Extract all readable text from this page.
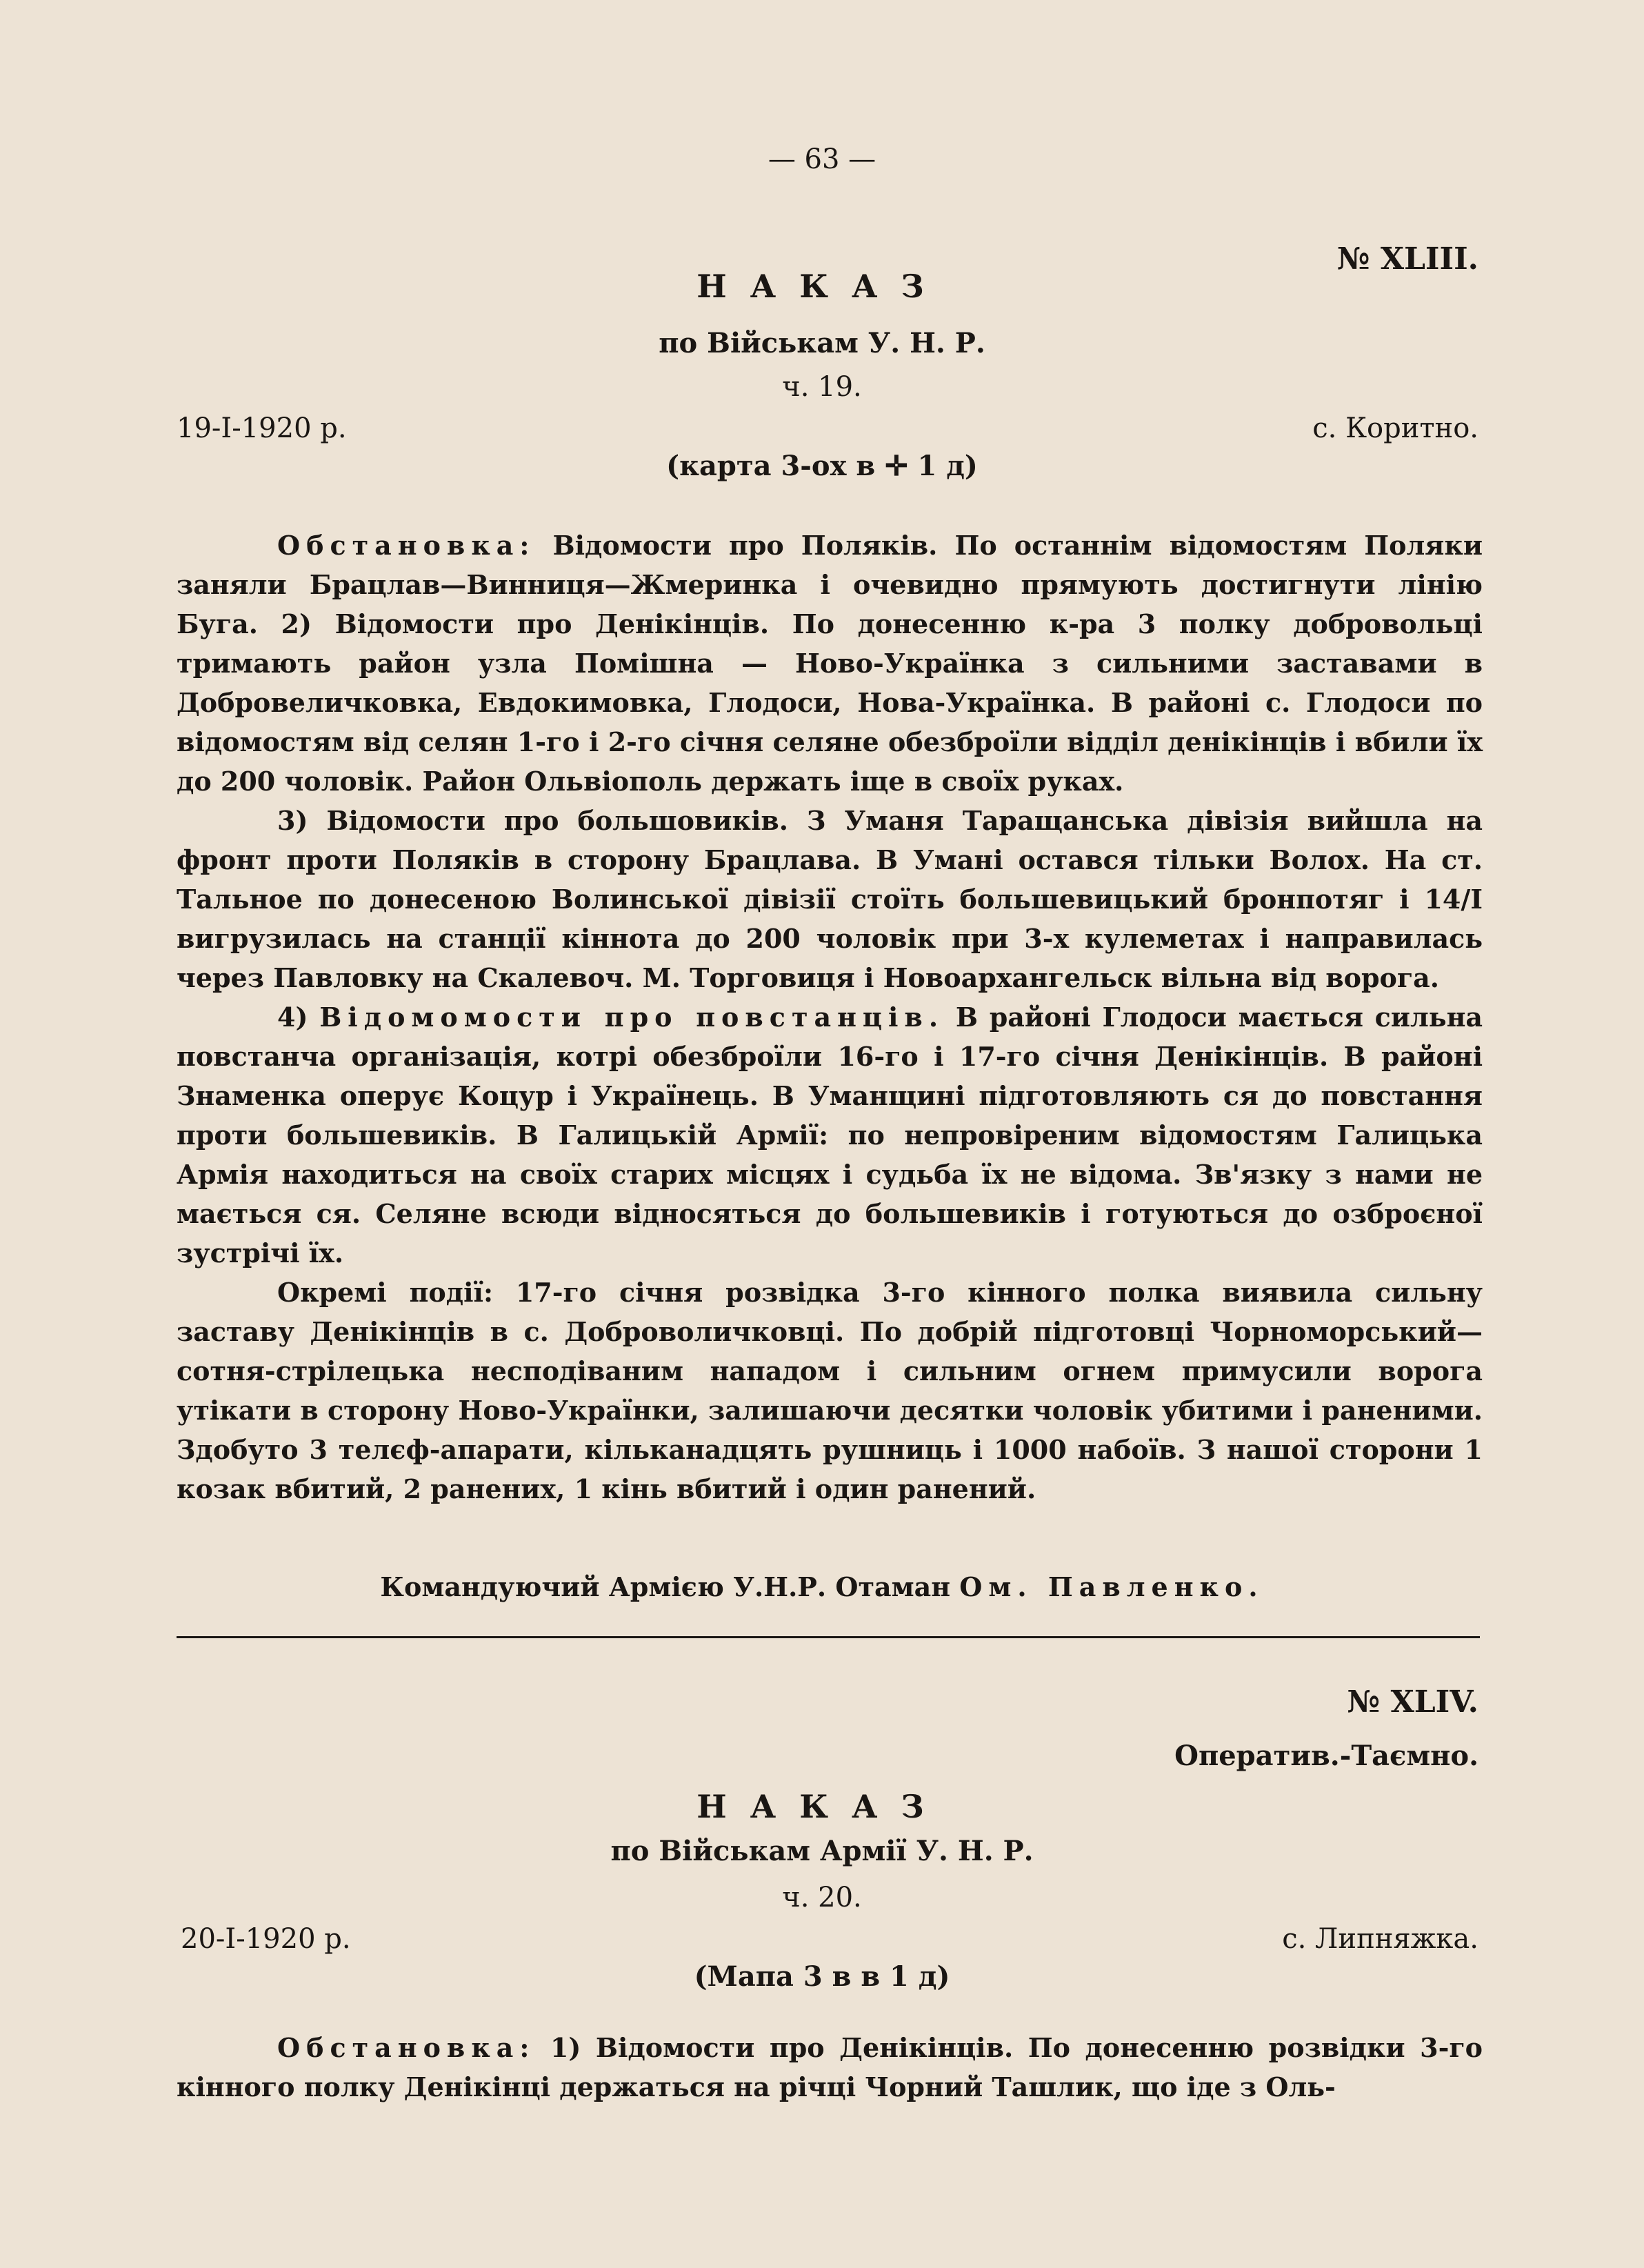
— 63 —
№ XLIII.
НАКАЗ
по Військам У. Н. Р.
ч. 19.
19-I-1920 р.	с. Коритно.
(карта 3-ох в ✛ 1 д)

Обстановка: Відомости про Поляків. По останнім відомостям Поляки заняли Брацлав—Винниця—Жмеринка і очевидно прямують достигнути лінію Буга. 2) Відомости про Денікінців. По донесенню к-ра 3 полку добровольці тримають район узла Помішна — Ново-Українка з сильними заставами в Добровеличковка, Евдокимовка, Глодоси, Нова-Українка. В районі с. Глодоси по відомостям від селян 1-го і 2-го січня селяне обезброїли відділ денікінців і вбили їх до 200 чоловік. Район Ольвіополь держать іще в своїх руках.

3) Відомости про большовиків. З Уманя Таращанська дівізія вийшла на фронт проти Поляків в сторону Брацлава. В Умані остався тільки Волох. На ст. Тальное по донесеною Волинської дівізії стоїть большевицький бронпотяг і 14/І вигрузилась на станції кіннота до 200 чоловік при 3-х кулеметах і направилась через Павловку на Скалевоч. М. Торговиця і Новоархангельск вільна від ворога.

4) Відомомости про повстанців. В районі Глодоси мається сильна повстанча організація, котрі обезброїли 16-го і 17-го січня Денікінців. В районі Знаменка оперує Коцур і Українець. В Уманщині підготовляють ся до повстання проти большевиків. В Галицькій Армії: по непровіреним відомостям Галицька Армія находиться на своїх старих місцях і судьба їх не відома. Зв'язку з нами не мається ся. Селяне всюди відносяться до большевиків і готуються до озброєної зустрічі їх.

Окремі події: 17-го січня розвідка 3-го кінного полка виявила сильну заставу Денікінців в с. Доброволичковці. По добрій підготовці Чорноморський—сотня-стрілецька несподіваним нападом і сильним огнем примусили ворога утікати в сторону Ново-Українки, залишаючи десятки чоловік убитими і раненими. Здобуто 3 телєф-апарати, кільканадцять рушниць і 1000 набоїв. З нашої сторони 1 козак вбитий, 2 ранених, 1 кінь вбитий і один ранений.

Командуючий Армією У.Н.Р. Отаман Ом. Павленко.
№ XLIV.
Оператив.-Таємно.
НАКАЗ
по Військам Армії У. Н. Р.
ч. 20.
20-I-1920 р.	с. Липняжка.
(Мапа 3 в в 1 д)

Обстановка: 1) Відомости про Денікінців. По донесенню розвідки 3-го кінного полку Денікінці держаться на річці Чорний Ташлик, що іде з Оль-
